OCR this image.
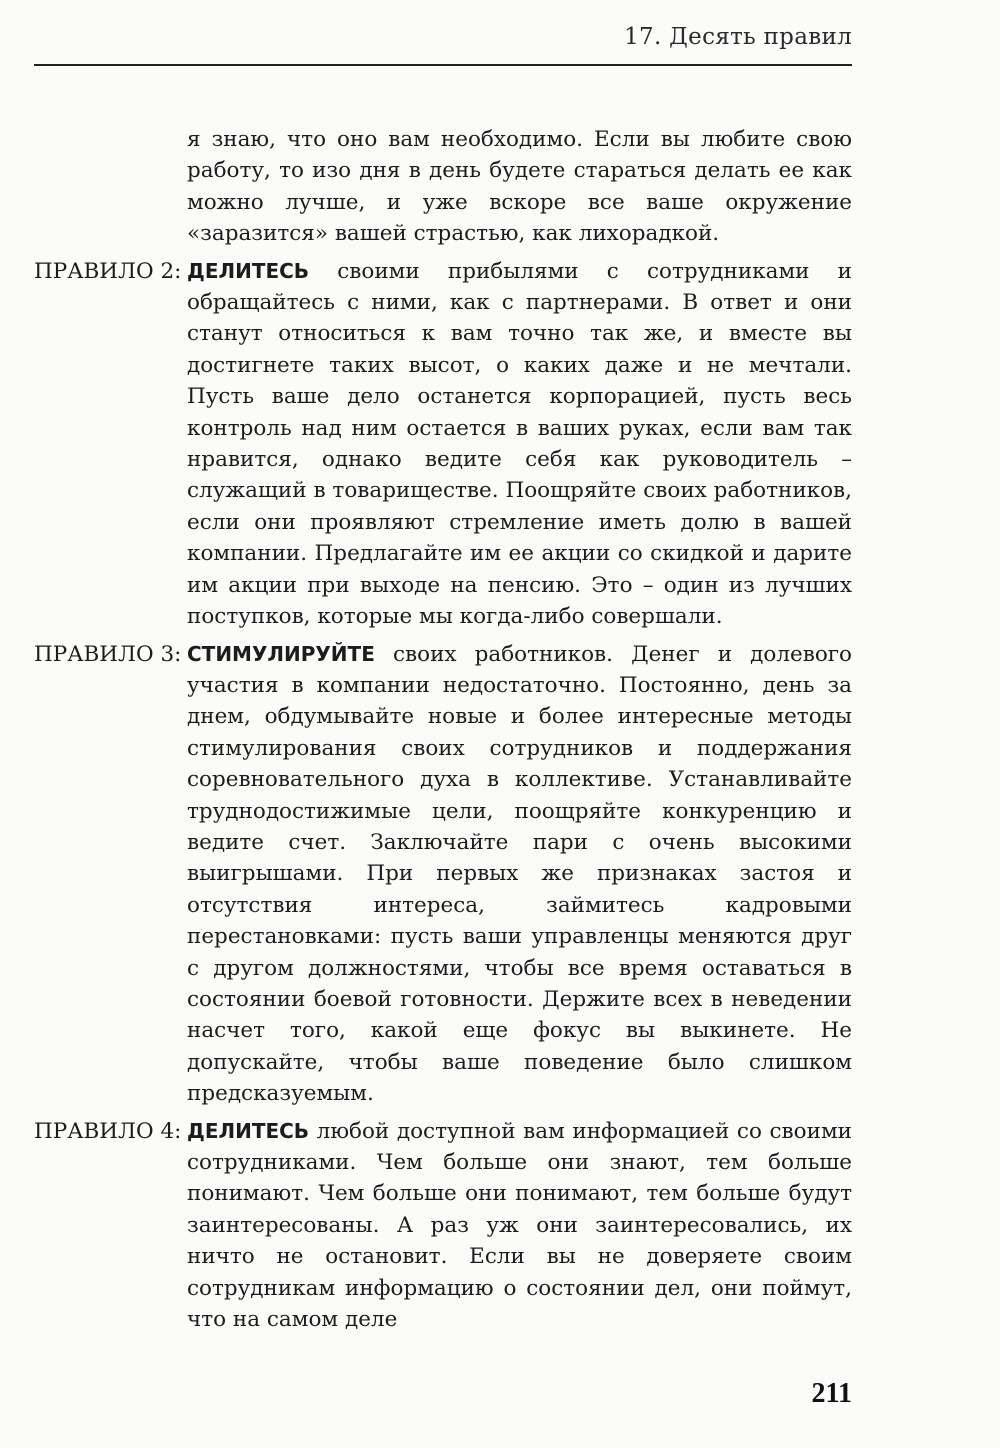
17. Десять правил

я знаю, что оно вам необходимо. Если вы любите свою работу, то изо дня в день будете стараться делать ее как можно лучше, и уже вскоре все ваше окружение «заразится» вашей страстью, как лихорадкой.

ПРАВИЛО 2: ДЕЛИТЕСЬ своими прибылями с сотрудниками и обращайтесь с ними, как с партнерами. В ответ и они станут относиться к вам точно так же, и вместе вы достигнете таких высот, о каких даже и не мечтали. Пусть ваше дело останется корпорацией, пусть весь контроль над ним остается в ваших руках, если вам так нравится, однако ведите себя как руководитель – служащий в товариществе. Поощряйте своих работников, если они проявляют стремление иметь долю в вашей компании. Предлагайте им ее акции со скидкой и дарите им акции при выходе на пенсию. Это – один из лучших поступков, которые мы когда-либо совершали.
ПРАВИЛО 3: СТИМУЛИРУЙТЕ своих работников. Денег и долевого участия в компании недостаточно. Постоянно, день за днем, обдумывайте новые и более интересные методы стимулирования своих сотрудников и поддержания соревновательного духа в коллективе. Устанавливайте труднодостижимые цели, поощряйте конкуренцию и ведите счет. Заключайте пари с очень высокими выигрышами. При первых же признаках застоя и отсутствия интереса, займитесь кадровыми перестановками: пусть ваши управленцы меняются друг с другом должностями, чтобы все время оставаться в состоянии боевой готовности. Держите всех в неведении насчет того, какой еще фокус вы выкинете. Не допускайте, чтобы ваше поведение было слишком предсказуемым.
ПРАВИЛО 4: ДЕЛИТЕСЬ любой доступной вам информацией со своими сотрудниками. Чем больше они знают, тем больше понимают. Чем больше они понимают, тем больше будут заинтересованы. А раз уж они заинтересовались, их ничто не остановит. Если вы не доверяете своим сотрудникам информацию о состоянии дел, они поймут, что на самом деле
211
